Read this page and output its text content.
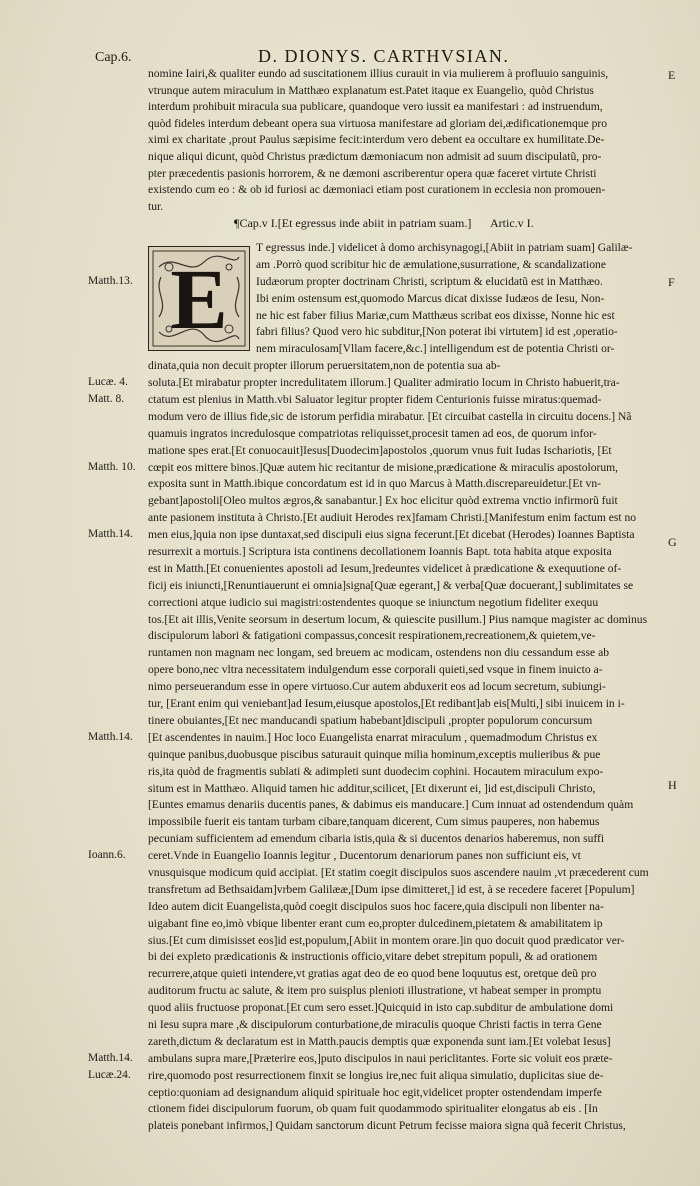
Cap.6.	D. DIONYS. CARTHVSIAN.
nomine Iairi,& qualiter eundo ad suscitationem illius curauit in via mulierem à profluuio sanguinis,
vtrunque autem miraculum in Matthæo explanatum est.Patet itaque ex Euangelio, quòd Christus
interdum prohibuit miracula sua publicare, quandoque vero iussit ea manifestari : ad instruendum,
quòd fideles interdum debeant opera sua virtuosa manifestare ad gloriam dei,ædificationemque pro
ximi ex charitate ,prout Paulus sæpisime fecit:interdum vero debent ea occultare ex humilitate.De-
nique aliqui dicunt, quòd Christus prædictum dæmoniacum non admisit ad suum discipulatũ, pro-
pter præcedentis pasionis horrorem, & ne dæmoni ascriberentur opera quæ faceret virtute Christi
existendo cum eo : & ob id furiosi ac dæmoniaci etiam post curationem in ecclesia non promouen-
tur.
¶Cap.v I.[Et egressus inde abiit in patriam suam.] Artic.v I.
E
T egressus inde.] videlicet à domo archisynagogi,[Abiit in patriam suam] Galilæ-
am .Porrò quod scribitur hic de æmulatione,susurratione, & scandalizatione
Iudæorum propter doctrinam Christi, scriptum & elucidatũ est in Matthæo.
Ibi enim ostensum est,quomodo Marcus dicat dixisse Iudæos de Iesu, Non-
ne hic est faber filius Mariæ,cum Matthæus scribat eos dixisse, Nonne hic est
fabri filius? Quod vero hic subditur,[Non poterat ibi virtutem] id est ,operatio-
nem miraculosam[Vllam facere,&c.] intelligendum est de potentia Christi or-
dinata,quia non decuit propter illorum peruersitatem,non de potentia sua ab-
soluta.[Et mirabatur propter incredulitatem illorum.] Qualiter admiratio locum in Christo habuerit,tra-
ctatum est plenius in Matth.vbi Saluator legitur propter fidem Centurionis fuisse miratus:quemad-
modum vero de illius fide,sic de istorum perfidia mirabatur. [Et circuibat castella in circuitu docens.] Nã
quamuis ingratos incredulosque compatriotas reliquisset,procesit tamen ad eos, de quorum infor-
matione spes erat.[Et conuocauit]Iesus[Duodecim]apostolos ,quorum vnus fuit Iudas Ischariotis, [Et
cœpit eos mittere binos.]Quæ autem hic recitantur de misione,prædicatione & miraculis apostolorum,
exposita sunt in Matth.ibique concordatum est id in quo Marcus à Matth.discrepareuidetur.[Et vn-
gebant]apostoli[Oleo multos ægros,& sanabantur.] Ex hoc elicitur quòd extrema vnctio infirmorũ fuit
ante pasionem instituta à Christo.[Et audiuit Herodes rex]famam Christi.[Manifestum enim factum est no
men eius,]quia non ipse duntaxat,sed discipuli eius signa fecerunt.[Et dicebat (Herodes) Ioannes Baptista
resurrexit a mortuis.] Scriptura ista continens decollationem Ioannis Bapt. tota habita atque exposita
est in Matth.[Et conuenientes apostoli ad Iesum,]redeuntes videlicet à prædicatione & exequutione of-
ficij eis iniuncti,[Renuntiauerunt ei omnia]signa[Quæ egerant,] & verba[Quæ docuerant,] sublimitates se
correctioni atque iudicio sui magistri:ostendentes quoque se iniunctum negotium fideliter exequu
tos.[Et ait illis,Venite seorsum in desertum locum, & quiescite pusillum.] Pius namque magister ac dominus
discipulorum labori & fatigationi compassus,concesit respirationem,recreationem,& quietem,ve-
runtamen non magnam nec longam, sed breuem ac modicam, ostendens non diu cessandum esse ab
opere bono,nec vltra necessitatem indulgendum esse corporali quieti,sed vsque in finem inuicto a-
nimo perseuerandum esse in opere virtuoso.Cur autem abduxerit eos ad locum secretum, subiungi-
tur, [Erant enim qui veniebant]ad Iesum,eiusque apostolos,[Et redibant]ab eis[Multi,] sibi inuicem in i-
tinere obuiantes,[Et nec manducandi spatium habebant]discipuli ,propter populorum concursum
[Et ascendentes in nauim.] Hoc loco Euangelista enarrat miraculum , quemadmodum Christus ex
quinque panibus,duobusque piscibus saturauit quinque milia hominum,exceptis mulieribus & pue
ris,ita quòd de fragmentis sublati & adimpleti sunt duodecim cophini. Hocautem miraculum expo-
situm est in Matthæo. Aliquid tamen hic additur,scilicet, [Et dixerunt ei, ]id est,discipuli Christo,
[Euntes emamus denariis ducentis panes, & dabimus eis manducare.] Cum innuat ad ostendendum quàm
impossibile fuerit eis tantam turbam cibare,tanquam dicerent, Cum simus pauperes, non habemus
pecuniam sufficientem ad emendum cibaria istis,quia & si ducentos denarios haberemus, non suffi
ceret.Vnde in Euangelio Ioannis legitur , Ducentorum denariorum panes non sufficiunt eis, vt
vnusquisque modicum quid accipiat. [Et statim coegit discipulos suos ascendere nauim ,vt præcederent cum
transfretum ad Bethsaidam]vrbem Galilææ,[Dum ipse dimitteret,] id est, à se recedere faceret [Populum]
Ideo autem dicit Euangelista,quòd coegit discipulos suos hoc facere,quia discipuli non libenter na-
uigabant fine eo,imò vbique libenter erant cum eo,propter dulcedinem,pietatem & amabilitatem ip
sius.[Et cum dimisisset eos]id est,populum,[Abiit in montem orare.]in quo docuit quod prædicator ver-
bi dei expleto prædicationis & instructionis officio,vitare debet strepitum populi, & ad orationem
recurrere,atque quieti intendere,vt gratias agat deo de eo quod bene loquutus est, oretque deũ pro
auditorum fructu ac salute, & item pro suisplus plenioti illustratione, vt habeat semper in promptu
quod aliis fructuose proponat.[Et cum sero esset.]Quicquid in isto cap.subditur de ambulatione domi
ni Iesu supra mare ,& discipulorum conturbatione,de miraculis quoque Christi factis in terra Gene
zareth,dictum & declaratum est in Matth.paucis demptis quæ exponenda sunt iam.[Et volebat Iesus]
ambulans supra mare,[Præterire eos,]puto discipulos in naui periclitantes. Forte sic voluit eos præte-
rire,quomodo post resurrectionem finxit se longius ire,nec fuit aliqua simulatio, duplicitas siue de-
ceptio:quoniam ad designandum aliquid spirituale hoc egit,videlicet propter ostendendam imperfe
ctionem fidei discipulorum fuorum, ob quam fuit quodammodo spiritualiter elongatus ab eis . [In
plateis ponebant infirmos,] Quidam sanctorum dicunt Petrum fecisse maiora signa quã fecerit Christus,
Matth.13.
Lucæ. 4.
Matt. 8.
Matth. 10.
Matth.14.
Matth.14.
Ioann.6.
Matth.14.
Lucæ.24.
E
F
G
H
